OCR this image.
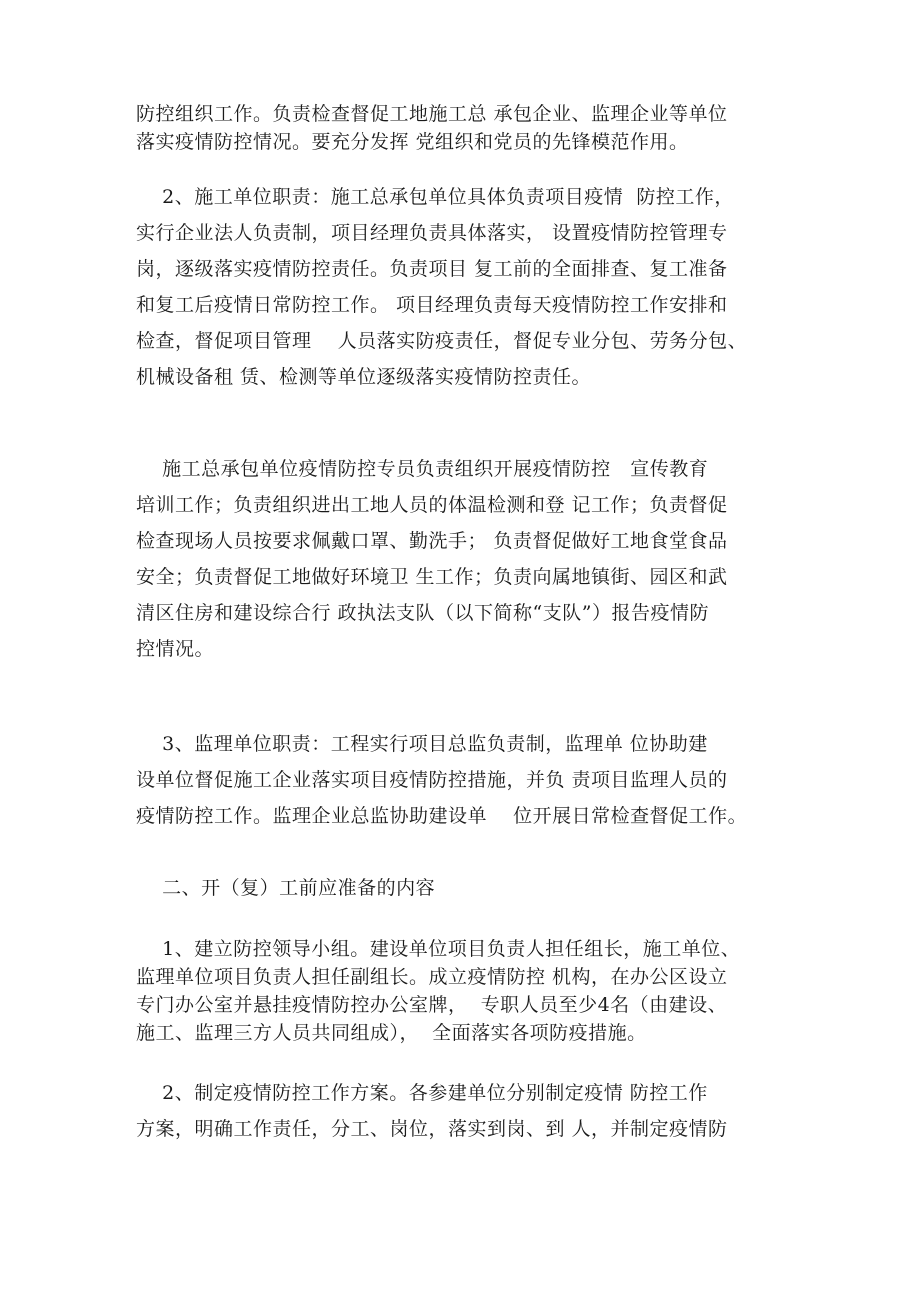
防控组织工作。负责检查督促工地施工总 承包企业、监理企业等单位
落实疫情防控情况。要充分发挥 党组织和党员的先锋模范作用。
2、施工单位职责：施工总承包单位具体负责项目疫情  防控工作，
实行企业法人负责制，项目经理负责具体落实， 设置疫情防控管理专
岗，逐级落实疫情防控责任。负责项目 复工前的全面排查、复工准备
和复工后疫情日常防控工作。 项目经理负责每天疫情防控工作安排和
检查，督促项目管理    人员落实防疫责任，督促专业分包、劳务分包、
机械设备租 赁、检测等单位逐级落实疫情防控责任。
施工总承包单位疫情防控专员负责组织开展疫情防控   宣传教育
培训工作；负责组织进出工地人员的体温检测和登 记工作；负责督促
检查现场人员按要求佩戴口罩、勤洗手； 负责督促做好工地食堂食品
安全；负责督促工地做好环境卫 生工作；负责向属地镇街、园区和武
清区住房和建设综合行 政执法支队（以下简称“支队”）报告疫情防
控情况。
3、监理单位职责：工程实行项目总监负责制，监理单 位协助建
设单位督促施工企业落实项目疫情防控措施，并负 责项目监理人员的
疫情防控工作。监理企业总监协助建设单    位开展日常检查督促工作。
二、开（复）工前应准备的内容
1、建立防控领导小组。建设单位项目负责人担任组长，施工单位、
监理单位项目负责人担任副组长。成立疫情防控 机构，在办公区设立
专门办公室并悬挂疫情防控办公室牌，  专职人员至少4名（由建设、
施工、监理三方人员共同组成），  全面落实各项防疫措施。
2、制定疫情防控工作方案。各参建单位分别制定疫情 防控工作
方案，明确工作责任，分工、岗位，落实到岗、到 人，并制定疫情防
